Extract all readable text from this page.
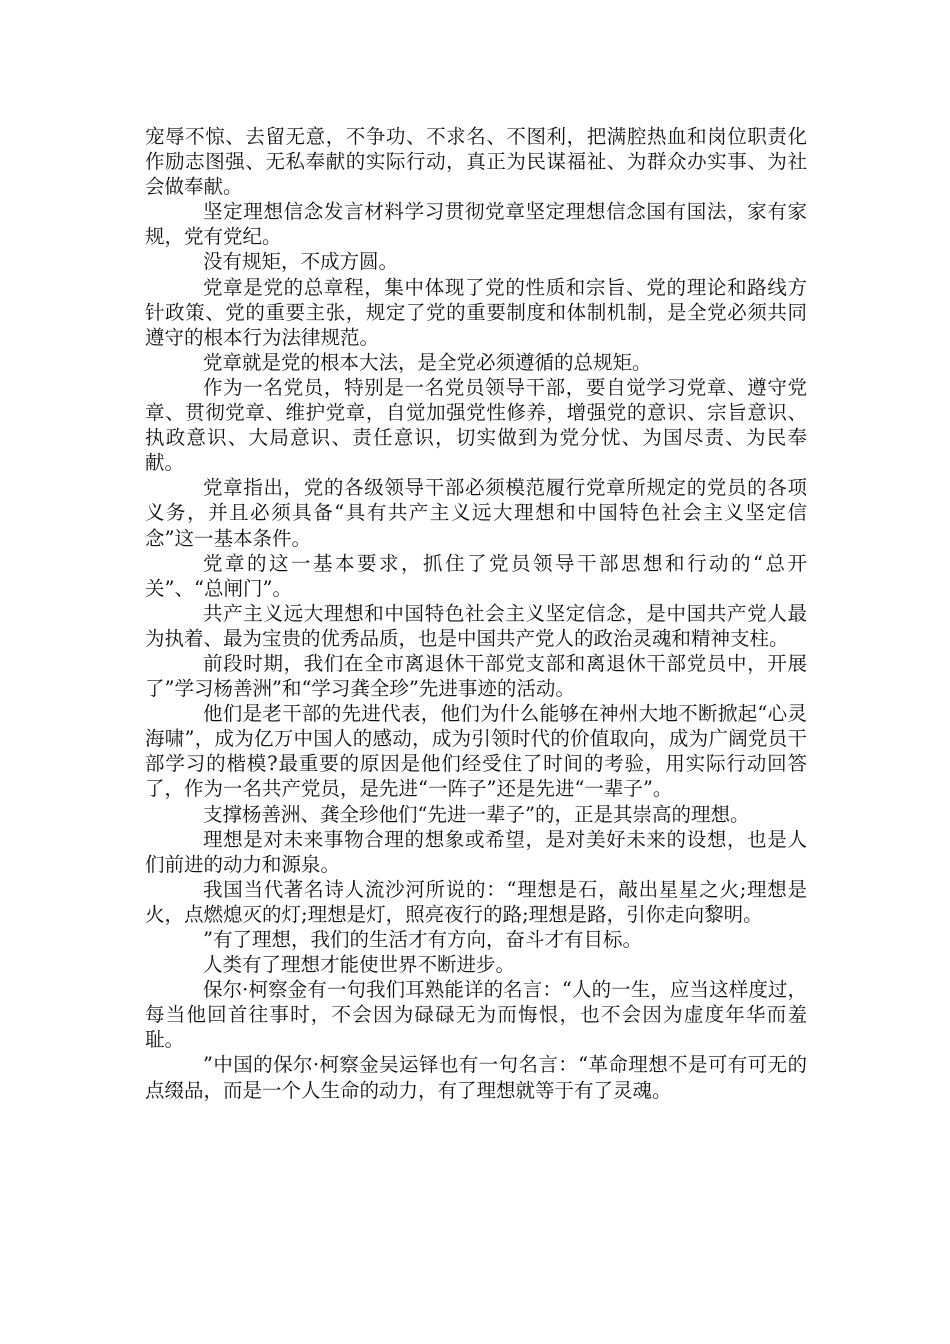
宠辱不惊、去留无意，不争功、不求名、不图利，把满腔热血和岗位职责化作励志图强、无私奉献的实际行动，真正为民谋福祉、为群众办实事、为社会做奉献。

坚定理想信念发言材料学习贯彻党章坚定理想信念国有国法，家有家规，党有党纪。

没有规矩，不成方圆。

党章是党的总章程，集中体现了党的性质和宗旨、党的理论和路线方针政策、党的重要主张，规定了党的重要制度和体制机制，是全党必须共同遵守的根本行为法律规范。

党章就是党的根本大法，是全党必须遵循的总规矩。

作为一名党员，特别是一名党员领导干部，要自觉学习党章、遵守党章、贯彻党章、维护党章，自觉加强党性修养，增强党的意识、宗旨意识、执政意识、大局意识、责任意识，切实做到为党分忧、为国尽责、为民奉献。

党章指出，党的各级领导干部必须模范履行党章所规定的党员的各项义务，并且必须具备“具有共产主义远大理想和中国特色社会主义坚定信念”这一基本条件。

党章的这一基本要求，抓住了党员领导干部思想和行动的“总开关”、“总闸门”。

共产主义远大理想和中国特色社会主义坚定信念，是中国共产党人最为执着、最为宝贵的优秀品质，也是中国共产党人的政治灵魂和精神支柱。

前段时期，我们在全市离退休干部党支部和离退休干部党员中，开展了”学习杨善洲”和“学习龚全珍”先进事迹的活动。

他们是老干部的先进代表，他们为什么能够在神州大地不断掀起“心灵海啸”，成为亿万中国人的感动，成为引领时代的价值取向，成为广阔党员干部学习的楷模?最重要的原因是他们经受住了时间的考验，用实际行动回答了，作为一名共产党员，是先进“一阵子”还是先进“一辈子”。

支撑杨善洲、龚全珍他们“先进一辈子”的，正是其崇高的理想。

理想是对未来事物合理的想象或希望，是对美好未来的设想，也是人们前进的动力和源泉。

我国当代著名诗人流沙河所说的：“理想是石，敲出星星之火;理想是火，点燃熄灭的灯;理想是灯，照亮夜行的路;理想是路，引你走向黎明。

”有了理想，我们的生活才有方向，奋斗才有目标。

人类有了理想才能使世界不断进步。

保尔·柯察金有一句我们耳熟能详的名言：“人的一生，应当这样度过，每当他回首往事时，不会因为碌碌无为而悔恨，也不会因为虚度年华而羞耻。

”中国的保尔·柯察金吴运铎也有一句名言：“革命理想不是可有可无的点缀品，而是一个人生命的动力，有了理想就等于有了灵魂。
